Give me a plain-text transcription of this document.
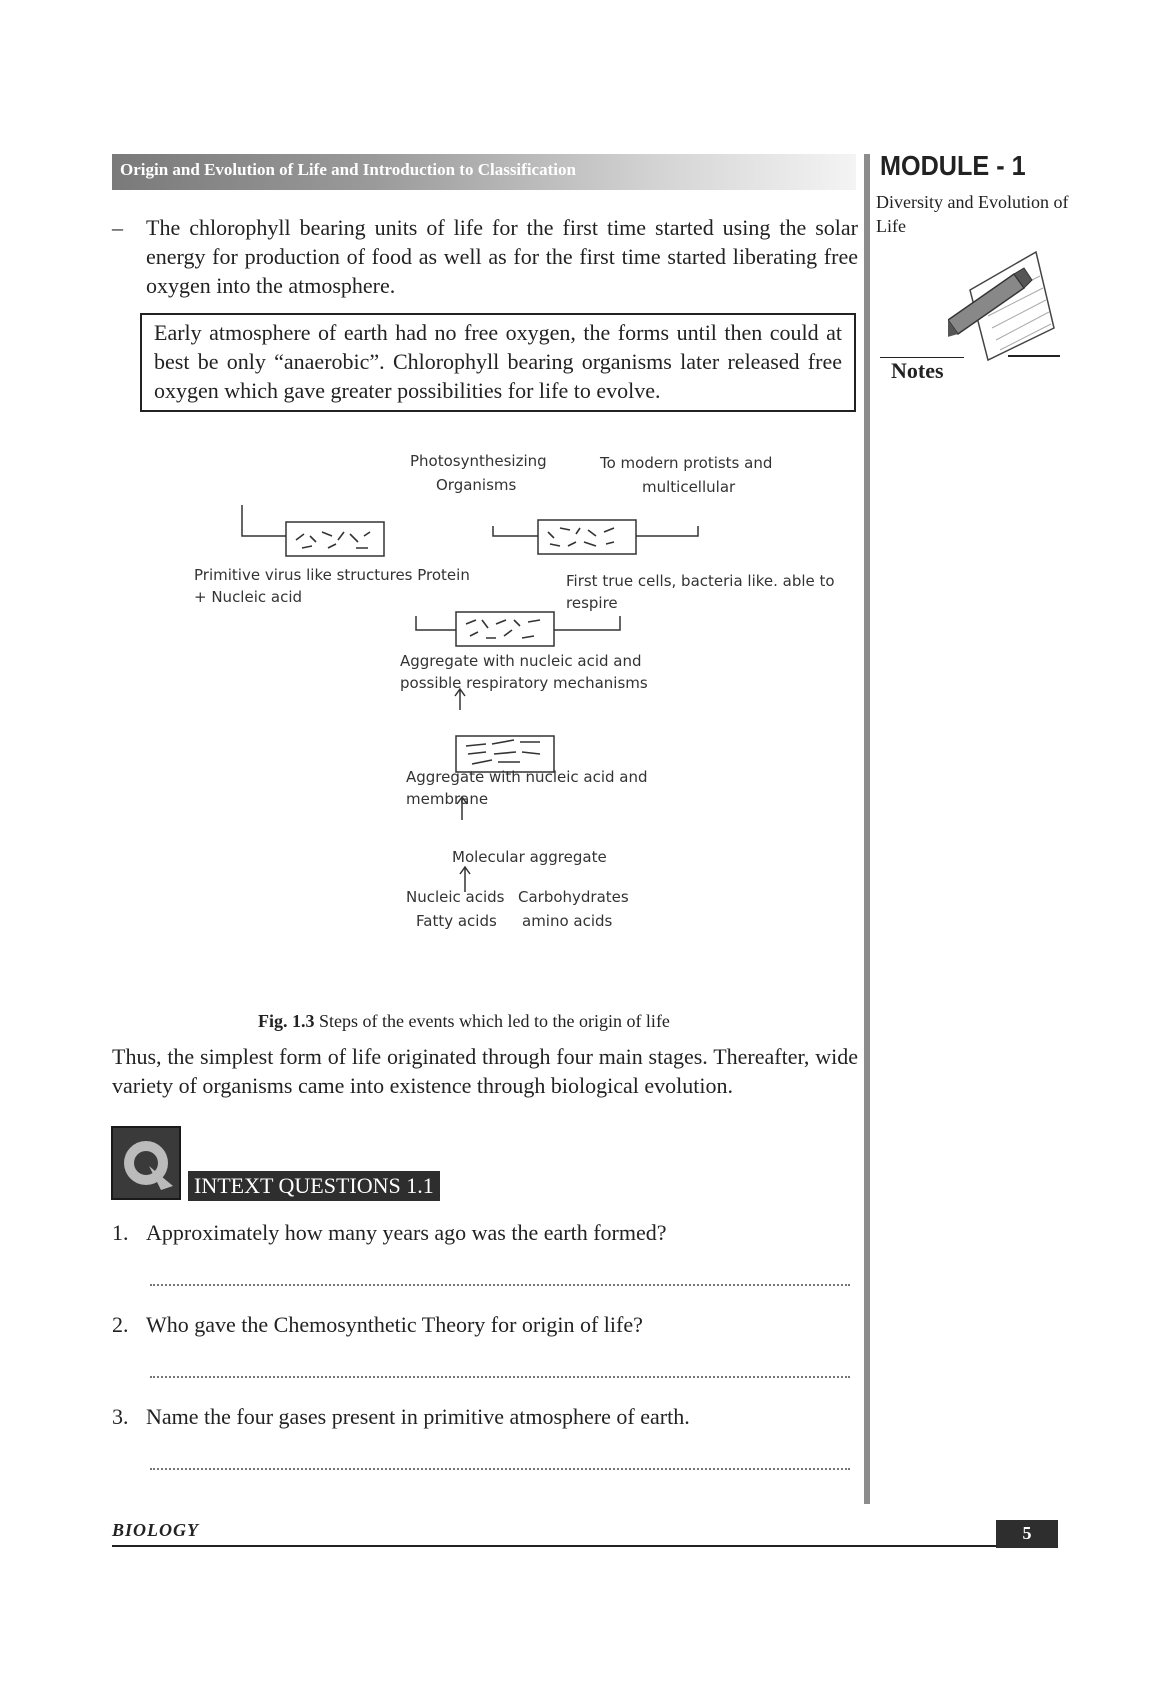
Origin and Evolution of Life and Introduction to Classification	MODULE - 1
Diversity and Evolution of Life
Notes
– The chlorophyll bearing units of life for the first time started using the solar energy for production of food as well as for the first time started liberating free oxygen into the atmosphere.
Early atmosphere of earth had no free oxygen, the forms until then could at best be only “anaerobic”. Chlorophyll bearing organisms later released free oxygen which gave greater possibilities for life to evolve.
Photosynthesizing
Organisms
To modern protists and
multicellular
Primitive virus like structures Protein
+ Nucleic acid
First true cells, bacteria like. able to
respire
Aggregate with nucleic acid and
possible respiratory mechanisms
Aggregate with nucleic acid and
membrane
Molecular aggregate
Nucleic acids Carbohydrates
Fatty acids amino acids
Fig. 1.3 Steps of the events which led to the origin of life
Thus, the simplest form of life originated through four main stages. Thereafter, wide variety of organisms came into existence through biological evolution.
INTEXT QUESTIONS 1.1
1. Approximately how many years ago was the earth formed?
2. Who gave the Chemosynthetic Theory for origin of life?
3. Name the four gases present in primitive atmosphere of earth.
BIOLOGY	5
